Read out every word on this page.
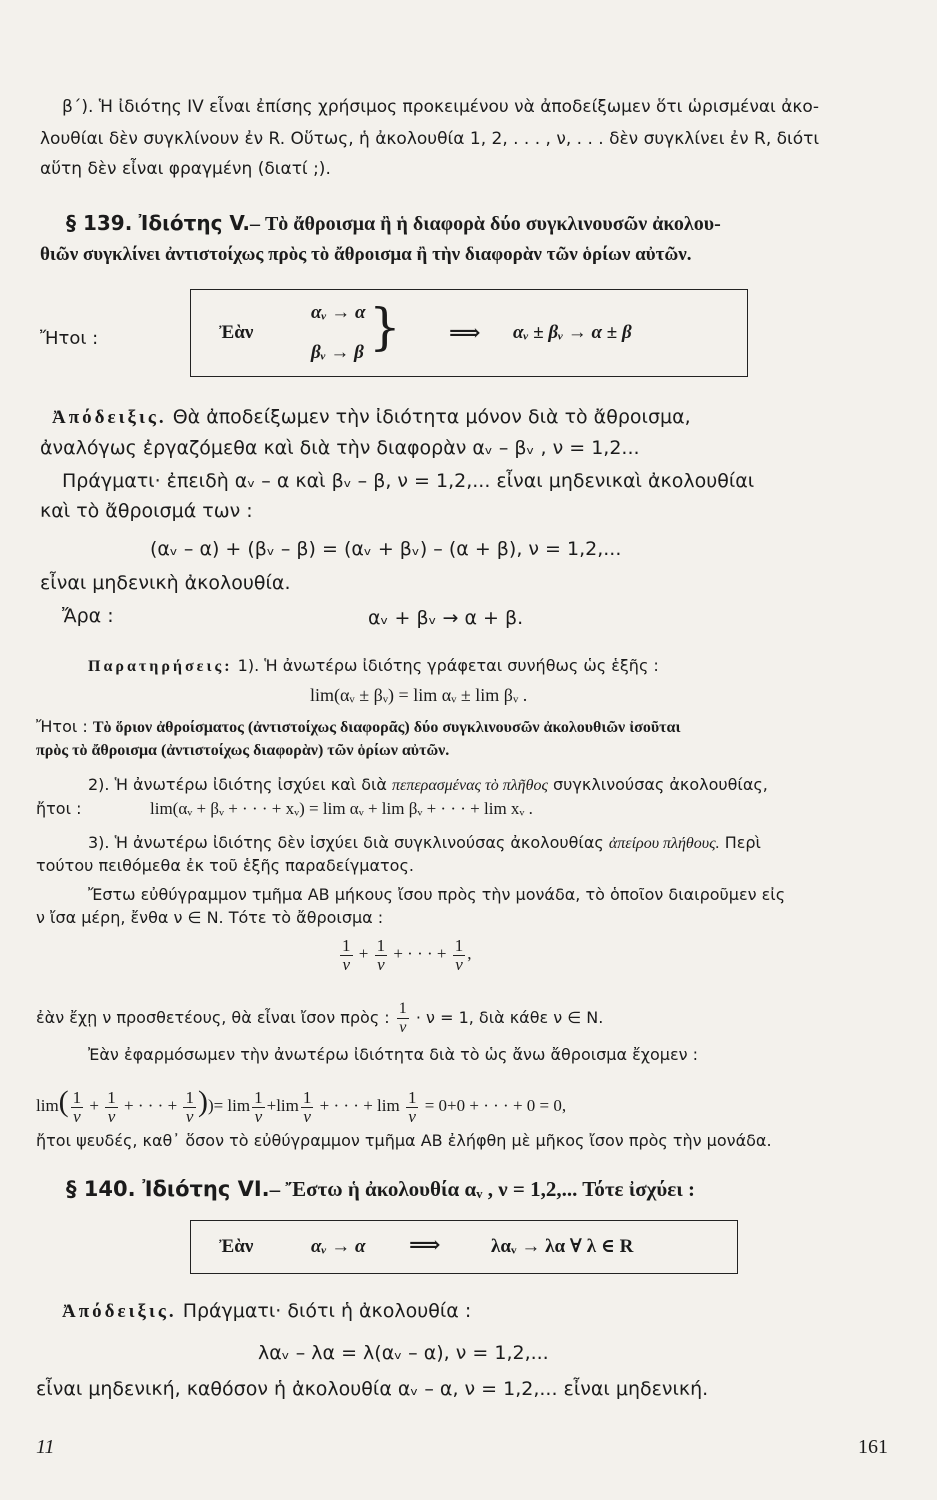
β΄). Ἡ ἰδιότης IV εἶναι ἐπίσης χρήσιμος προκειμένου νὰ ἀποδείξωμεν ὅτι ὡρισμέναι ἀκο-
λουθίαι δὲν συγκλίνουν ἐν R. Οὕτως, ἡ ἀκολουθία 1, 2, . . . , ν, . . . δὲν συγκλίνει ἐν R, διότι
αὕτη δὲν εἶναι φραγμένη (διατί ;).
§ 139. Ἰδιότης V.– Τὸ ἄθροισμα ἢ ἡ διαφορὰ δύο συγκλινουσῶν ἀκολου-
θιῶν συγκλίνει ἀντιστοίχως πρὸς τὸ ἄθροισμα ἢ τὴν διαφορὰν τῶν ὁρίων αὐτῶν.
Ἤτοι :	Ἐὰν
αᵥ → α
βᵥ → β } ⟹ αᵥ ± βᵥ → α ± β
Ἀπόδειξις. Θὰ ἀποδείξωμεν τὴν ἰδιότητα μόνον διὰ τὸ ἄθροισμα,
ἀναλόγως ἐργαζόμεθα καὶ διὰ τὴν διαφορὰν αᵥ – βᵥ , ν = 1,2...
Πράγματι· ἐπειδὴ αᵥ – α καὶ βᵥ – β, ν = 1,2,... εἶναι μηδενικαὶ ἀκολουθίαι
καὶ τὸ ἄθροισμά των :
(αᵥ – α) + (βᵥ – β) = (αᵥ + βᵥ) – (α + β), ν = 1,2,...
εἶναι μηδενικὴ ἀκολουθία.
Ἄρα :	αᵥ + βᵥ → α + β.
Παρατηρήσεις: 1). Ἡ ἀνωτέρω ἰδιότης γράφεται συνήθως ὡς ἑξῆς :
lim(αᵥ ± βᵥ) = lim αᵥ ± lim βᵥ .
Ἤτοι : Τὸ ὅριον ἀθροίσματος (ἀντιστοίχως διαφορᾶς) δύο συγκλινουσῶν ἀκολουθιῶν ἰσοῦται
πρὸς τὸ ἄθροισμα (ἀντιστοίχως διαφορὰν) τῶν ὁρίων αὐτῶν.
2). Ἡ ἀνωτέρω ἰδιότης ἰσχύει καὶ διὰ πεπερασμένας τὸ πλῆθος συγκλινούσας ἀκολουθίας,
ἤτοι :	lim(αᵥ + βᵥ + · · · + xᵥ) = lim αᵥ + lim βᵥ + · · · + lim xᵥ .
3). Ἡ ἀνωτέρω ἰδιότης δὲν ἰσχύει διὰ συγκλινούσας ἀκολουθίας ἀπείρου πλήθους. Περὶ
τούτου πειθόμεθα ἐκ τοῦ ἑξῆς παραδείγματος.
Ἔστω εὐθύγραμμον τμῆμα ΑΒ μήκους ἴσου πρὸς τὴν μονάδα, τὸ ὁποῖον διαιροῦμεν εἰς
ν ἴσα μέρη, ἔνθα ν ∈ N. Τότε τὸ ἄθροισμα :
$\frac{1}{\nu} + \frac{1}{\nu}$ + · · · + $\frac{1}{\nu}$ ,
ἐὰν ἔχῃ ν προσθετέους, θὰ εἶναι ἴσον πρὸς : $\frac{1}{\nu} \cdot \nu = 1$, διὰ κάθε ν ∈ N.
Ἐὰν ἐφαρμόσωμεν τὴν ἀνωτέρω ἰδιότητα διὰ τὸ ὡς ἄνω ἄθροισμα ἔχομεν :
$\lim( \frac{1}{\nu} + \frac{1}{\nu}$ + · · · + $\frac{1}{\nu}$ ))= $\lim \frac{1}{\nu} +\lim \frac{1}{\nu}$ + · · · + $\lim \frac{1}{\nu} = 0+0$ + · · · + 0 = 0,
ἤτοι ψευδές, καθ᾽ ὅσον τὸ εὐθύγραμμον τμῆμα ΑΒ ἐλήφθη μὲ μῆκος ἴσον πρὸς τὴν μονάδα.
§ 140. Ἰδιότης VI.– Ἔστω ἡ ἀκολουθία αᵥ , ν = 1,2,... Τότε ἰσχύει :
Ἐὰν	αᵥ → α ⟹	λαᵥ → λα ∀ λ ∈ R
Ἀπόδειξις. Πράγματι· διότι ἡ ἀκολουθία :
λαᵥ – λα = λ(αᵥ – α), ν = 1,2,...
εἶναι μηδενική, καθόσον ἡ ἀκολουθία αᵥ – α, ν = 1,2,... εἶναι μηδενική.
11	161
